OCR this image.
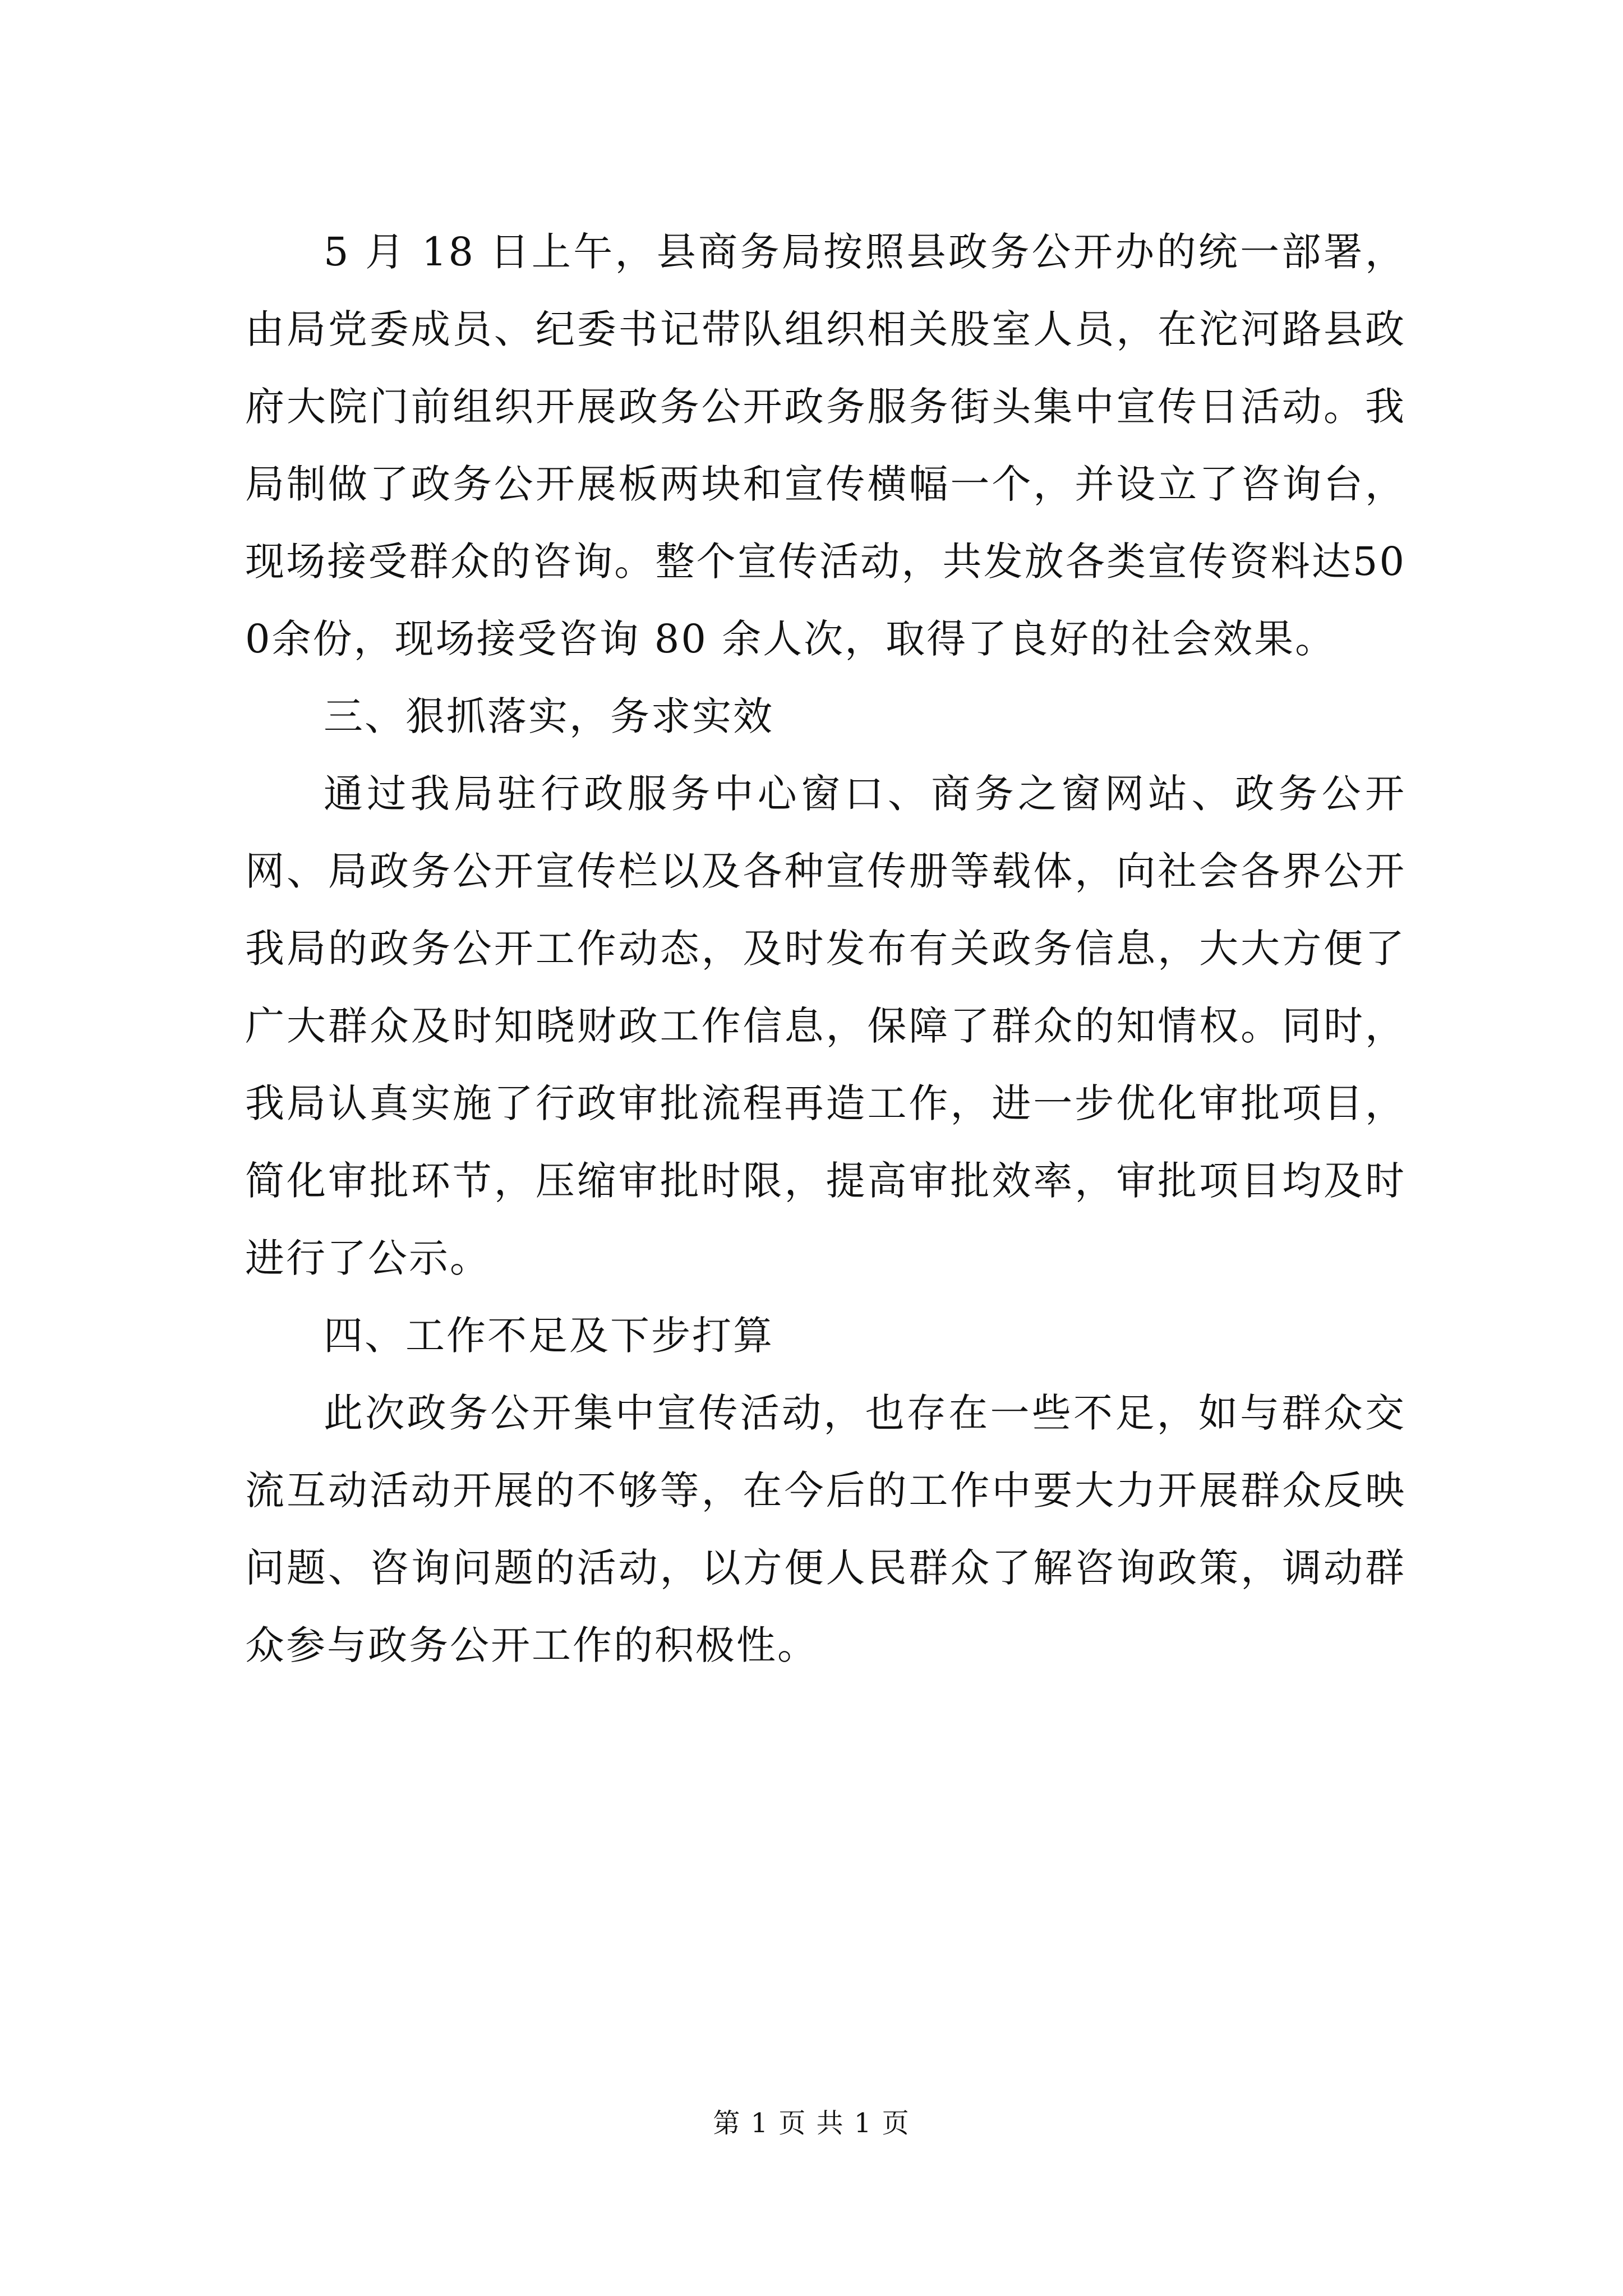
5 月 18 日上午，县商务局按照县政务公开办的统一部署，由局党委成员、纪委书记带队组织相关股室人员，在沱河路县政府大院门前组织开展政务公开政务服务街头集中宣传日活动。我局制做了政务公开展板两块和宣传横幅一个，并设立了咨询台，现场接受群众的咨询。整个宣传活动，共发放各类宣传资料达500余份，现场接受咨询 80 余人次，取得了良好的社会效果。

三、狠抓落实，务求实效

通过我局驻行政服务中心窗口、商务之窗网站、政务公开网、局政务公开宣传栏以及各种宣传册等载体，向社会各界公开我局的政务公开工作动态，及时发布有关政务信息，大大方便了广大群众及时知晓财政工作信息，保障了群众的知情权。同时，我局认真实施了行政审批流程再造工作，进一步优化审批项目，简化审批环节，压缩审批时限，提高审批效率，审批项目均及时进行了公示。

四、工作不足及下步打算

此次政务公开集中宣传活动，也存在一些不足，如与群众交流互动活动开展的不够等，在今后的工作中要大力开展群众反映问题、咨询问题的活动，以方便人民群众了解咨询政策，调动群众参与政务公开工作的积极性。

第 1 页 共 1 页
